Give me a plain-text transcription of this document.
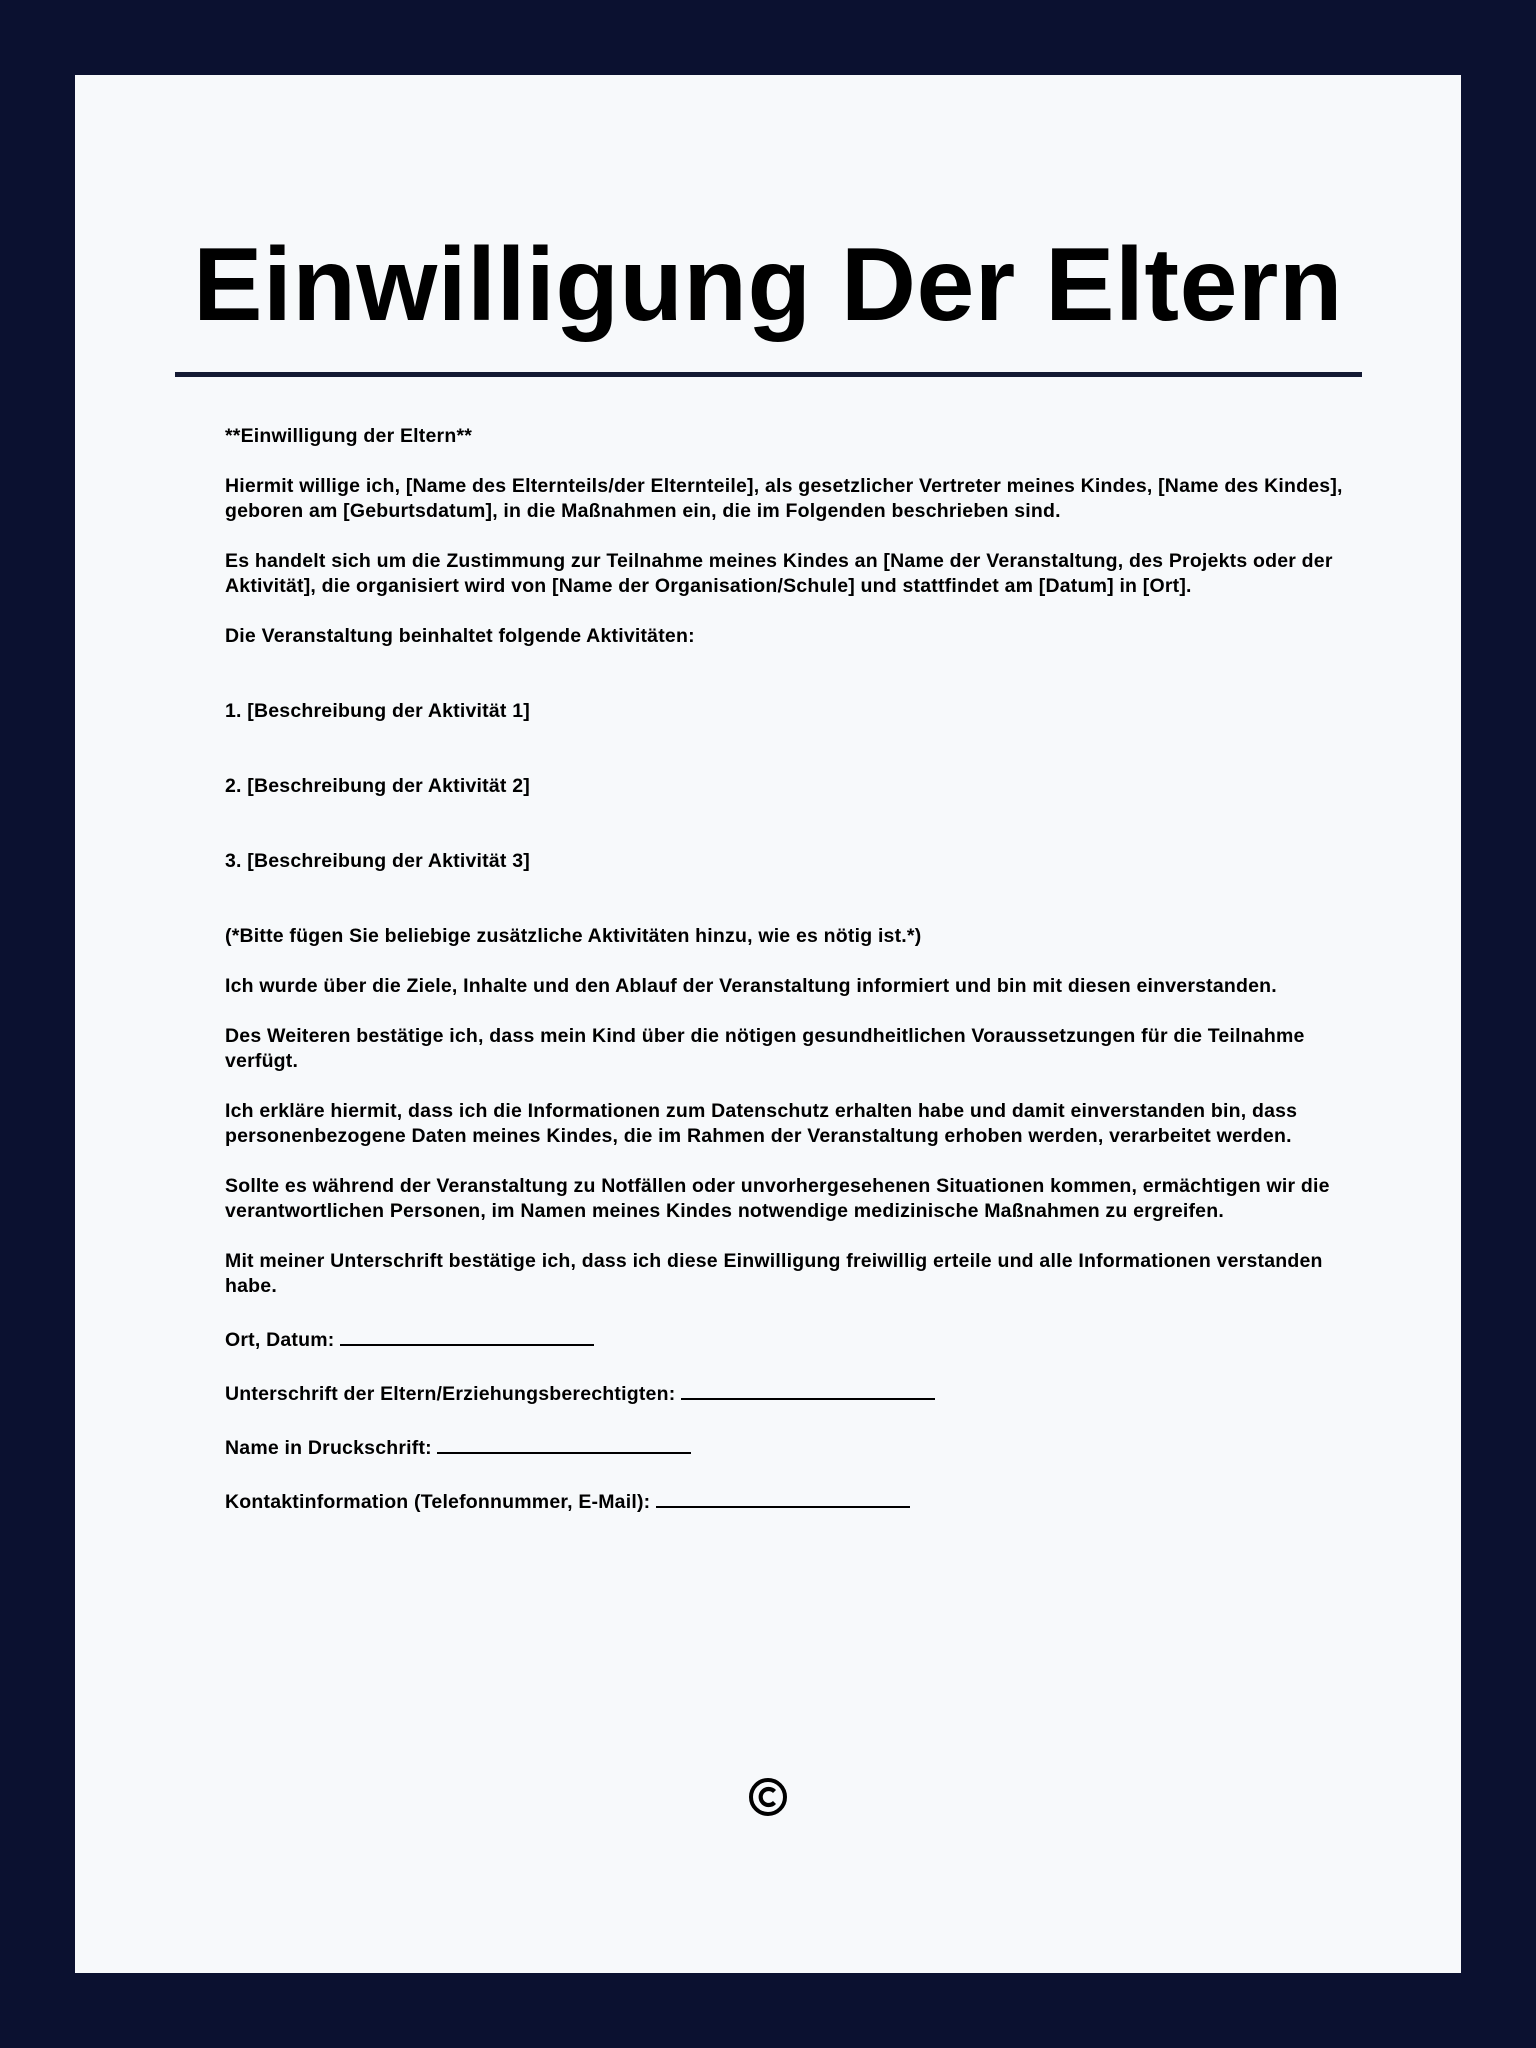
Einwilligung Der Eltern

**Einwilligung der Eltern**

Hiermit willige ich, [Name des Elternteils/der Elternteile], als gesetzlicher Vertreter meines Kindes, [Name des Kindes], geboren am [Geburtsdatum], in die Maßnahmen ein, die im Folgenden beschrieben sind.

Es handelt sich um die Zustimmung zur Teilnahme meines Kindes an [Name der Veranstaltung, des Projekts oder der Aktivität], die organisiert wird von [Name der Organisation/Schule] und stattfindet am [Datum] in [Ort].

Die Veranstaltung beinhaltet folgende Aktivitäten:

1. [Beschreibung der Aktivität 1]

2. [Beschreibung der Aktivität 2]

3. [Beschreibung der Aktivität 3]

(*Bitte fügen Sie beliebige zusätzliche Aktivitäten hinzu, wie es nötig ist.*)

Ich wurde über die Ziele, Inhalte und den Ablauf der Veranstaltung informiert und bin mit diesen einverstanden.

Des Weiteren bestätige ich, dass mein Kind über die nötigen gesundheitlichen Voraussetzungen für die Teilnahme verfügt.

Ich erkläre hiermit, dass ich die Informationen zum Datenschutz erhalten habe und damit einverstanden bin, dass personenbezogene Daten meines Kindes, die im Rahmen der Veranstaltung erhoben werden, verarbeitet werden.

Sollte es während der Veranstaltung zu Notfällen oder unvorhergesehenen Situationen kommen, ermächtigen wir die verantwortlichen Personen, im Namen meines Kindes notwendige medizinische Maßnahmen zu ergreifen.

Mit meiner Unterschrift bestätige ich, dass ich diese Einwilligung freiwillig erteile und alle Informationen verstanden habe.

Ort, Datum:

Unterschrift der Eltern/Erziehungsberechtigten:

Name in Druckschrift:

Kontaktinformation (Telefonnummer, E-Mail):
